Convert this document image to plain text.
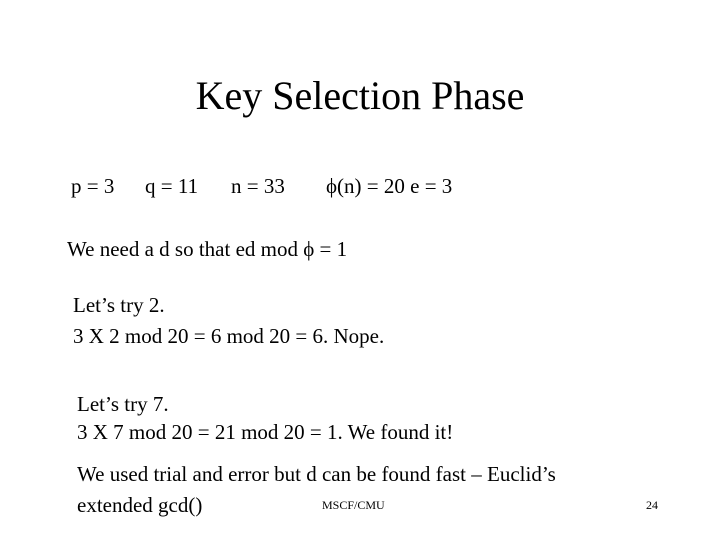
Key Selection Phase
p = 3 q = 11 n = 33 ϕ(n) = 20 e = 3
We need a d so that ed mod ϕ = 1
Let’s try 2.
3 X 2 mod 20 = 6 mod 20 = 6. Nope.
Let’s try 7.
3 X 7 mod 20 = 21 mod 20 = 1. We found it!
We used trial and error but d can be found fast – Euclid’s
extended gcd()	MSCF/CMU	24
